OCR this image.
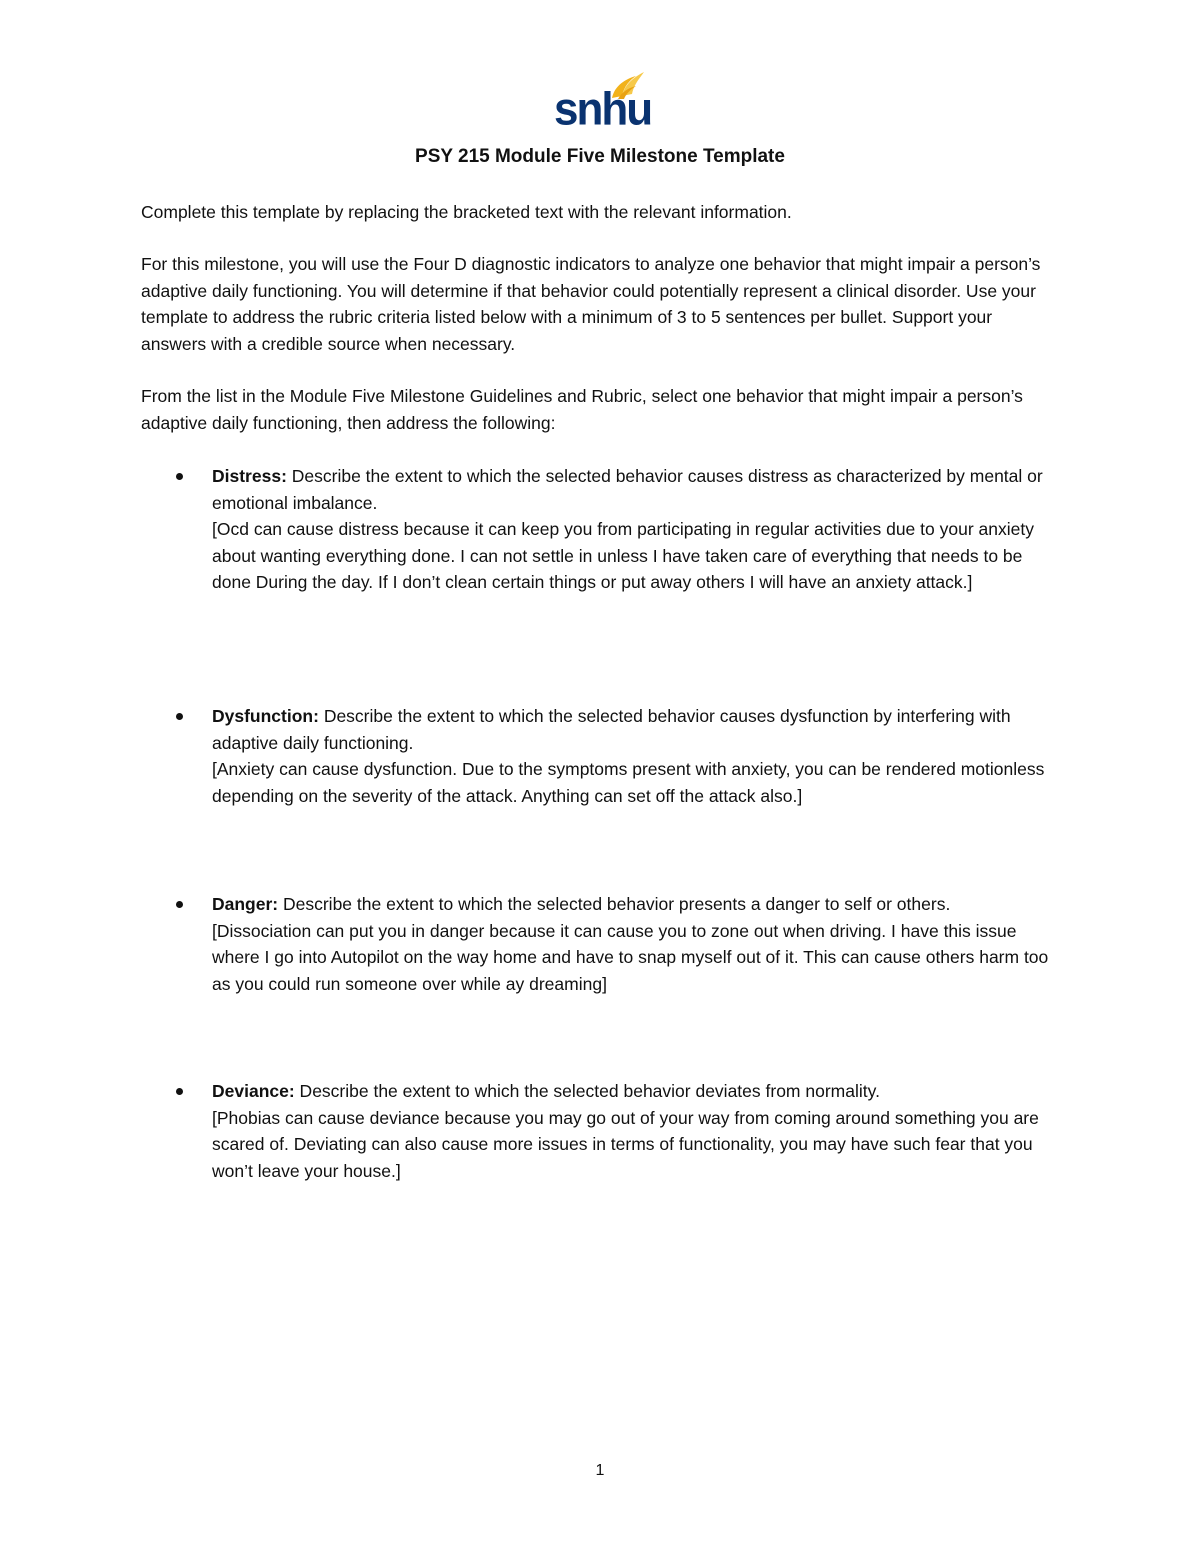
snhu
PSY 215 Module Five Milestone Template
Complete this template by replacing the bracketed text with the relevant information.
For this milestone, you will use the Four D diagnostic indicators to analyze one behavior that might impair a person’s adaptive daily functioning. You will determine if that behavior could potentially represent a clinical disorder. Use your template to address the rubric criteria listed below with a minimum of 3 to 5 sentences per bullet. Support your answers with a credible source when necessary.
From the list in the Module Five Milestone Guidelines and Rubric, select one behavior that might impair a person’s adaptive daily functioning, then address the following:
Distress: Describe the extent to which the selected behavior causes distress as characterized by mental or emotional imbalance.
[Ocd can cause distress because it can keep you from participating in regular activities due to your anxiety about wanting everything done. I can not settle in unless I have taken care of everything that needs to be done During the day. If I don’t clean certain things or put away others I will have an anxiety attack.]
Dysfunction: Describe the extent to which the selected behavior causes dysfunction by interfering with adaptive daily functioning.
[Anxiety can cause dysfunction. Due to the symptoms present with anxiety, you can be rendered motionless depending on the severity of the attack. Anything can set off the attack also.]
Danger: Describe the extent to which the selected behavior presents a danger to self or others.
[Dissociation can put you in danger because it can cause you to zone out when driving. I have this issue where I go into Autopilot on the way home and have to snap myself out of it. This can cause others harm too as you could run someone over while ay dreaming]
Deviance: Describe the extent to which the selected behavior deviates from normality.
[Phobias can cause deviance because you may go out of your way from coming around something you are scared of. Deviating can also cause more issues in terms of functionality, you may have such fear that you won’t leave your house.]
1
